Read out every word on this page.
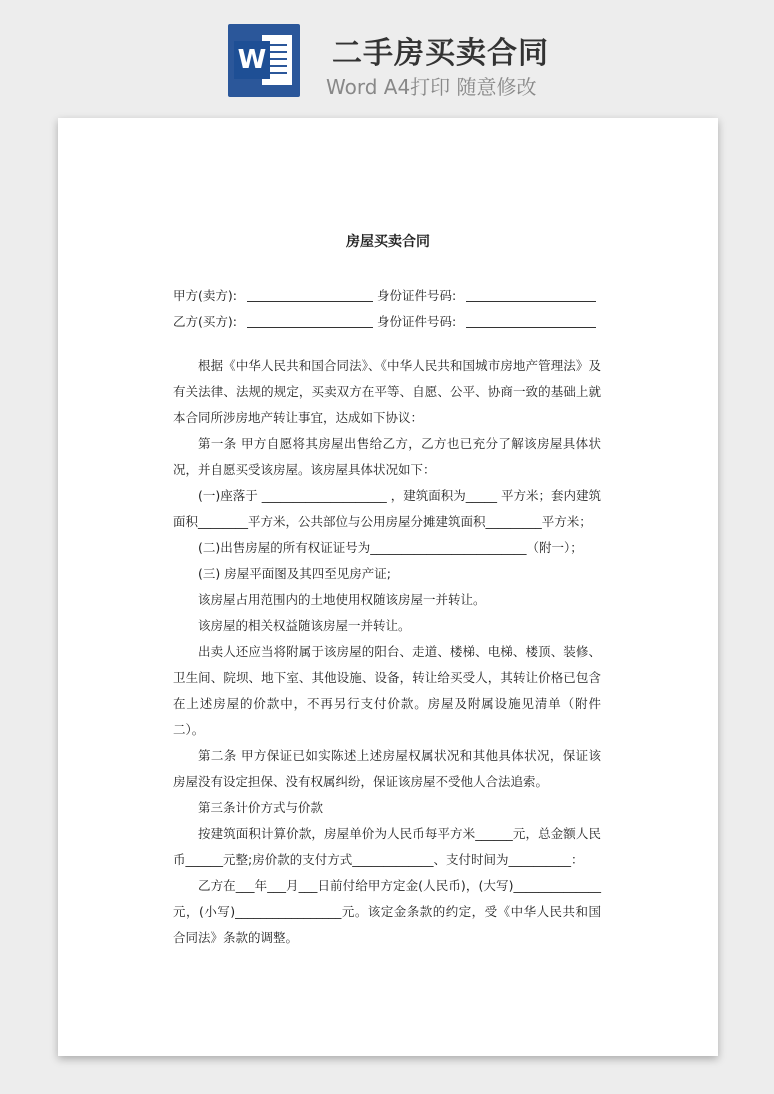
W 二手房买卖合同
Word A4打印 随意修改
房屋买卖合同
甲方(卖方):	身份证件号码:
乙方(买方):	身份证件号码:

根据《中华人民共和国合同法》、《中华人民共和国城市房地产管理法》及有关法律、法规的规定，买卖双方在平等、自愿、公平、协商一致的基础上就本合同所涉房地产转让事宜，达成如下协议：

第一条 甲方自愿将其房屋出售给乙方，乙方也已充分了解该房屋具体状况，并自愿买受该房屋。该房屋具体状况如下：

(一)座落于 ____________________ ，建筑面积为_____ 平方米；套内建筑面积________平方米，公共部位与公用房屋分摊建筑面积_________平方米；

(二)出售房屋的所有权证证号为_________________________（附一）；

(三) 房屋平面图及其四至见房产证;

该房屋占用范围内的土地使用权随该房屋一并转让。

该房屋的相关权益随该房屋一并转让。

出卖人还应当将附属于该房屋的阳台、走道、楼梯、电梯、楼顶、装修、卫生间、院坝、地下室、其他设施、设备，转让给买受人，其转让价格已包含在上述房屋的价款中，不再另行支付价款。房屋及附属设施见清单（附件二）。

第二条 甲方保证已如实陈述上述房屋权属状况和其他具体状况，保证该房屋没有设定担保、没有权属纠纷，保证该房屋不受他人合法追索。

第三条计价方式与价款

按建筑面积计算价款，房屋单价为人民币每平方米______元，总金额人民币______元整;房价款的支付方式_____________、支付时间为__________：

乙方在___年___月___日前付给甲方定金(人民币)，(大写)______________元，(小写)_________________元。该定金条款的约定，受《中华人民共和国合同法》条款的调整。
